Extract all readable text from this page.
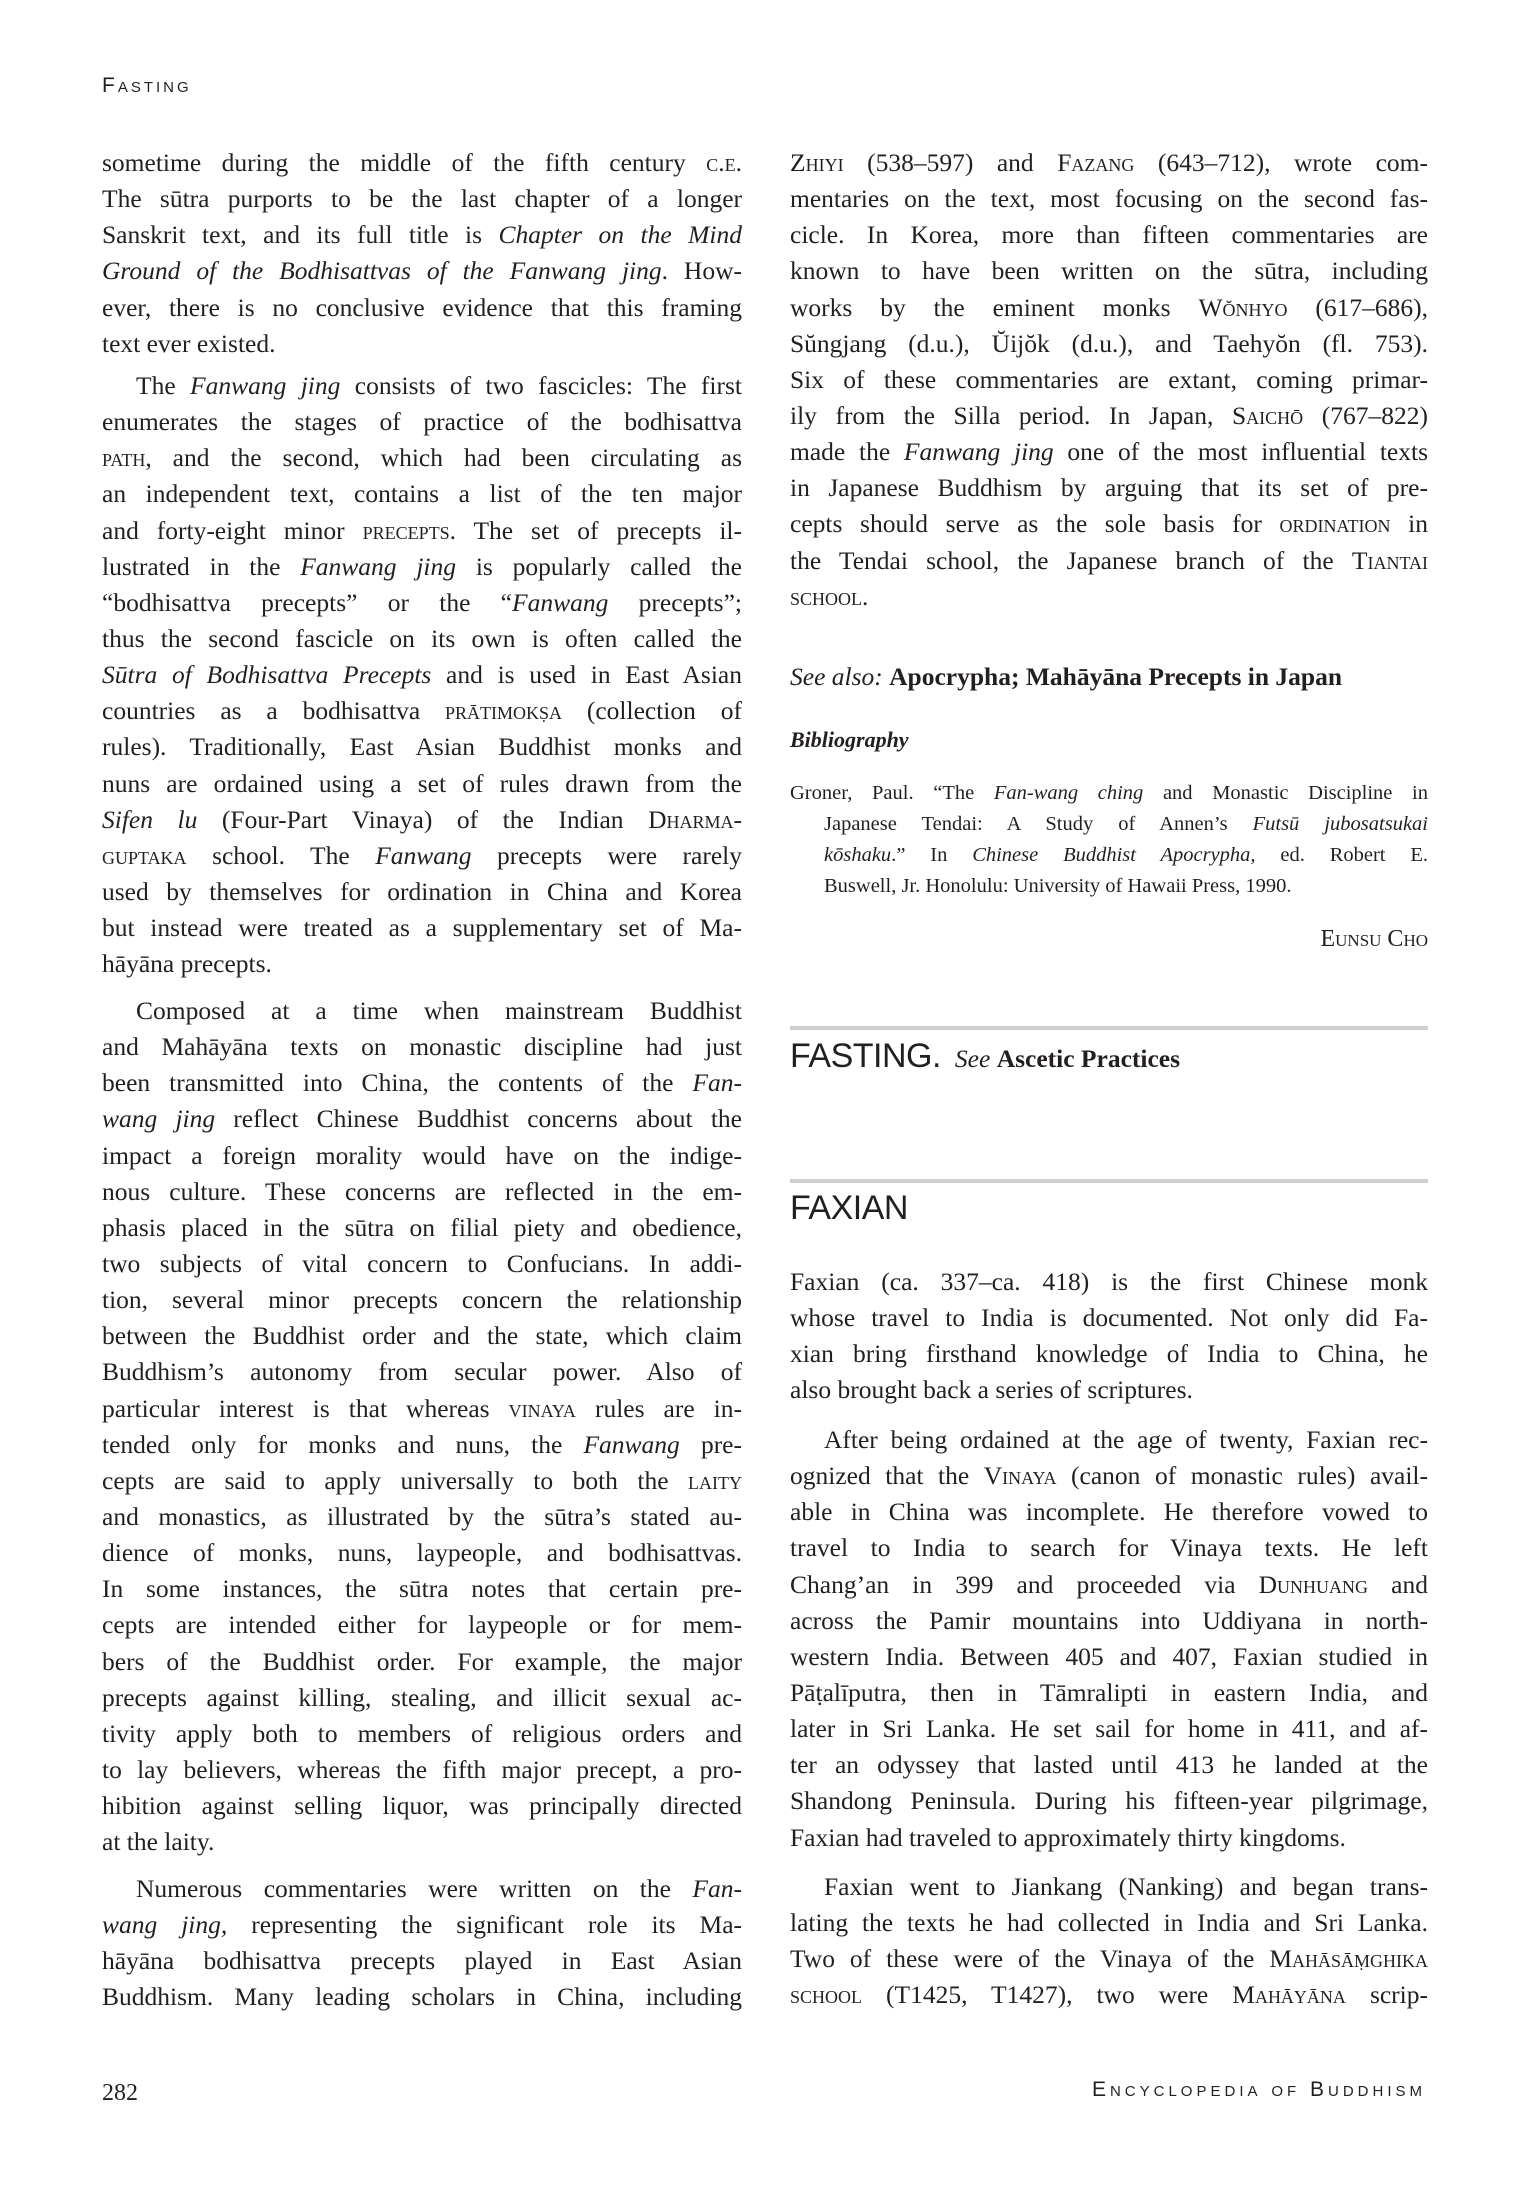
Fasting
sometime during the middle of the fifth century c.e.
The sūtra purports to be the last chapter of a longer
Sanskrit text, and its full title is Chapter on the Mind
Ground of the Bodhisattvas of the Fanwang jing. How-
ever, there is no conclusive evidence that this framing
text ever existed.
The Fanwang jing consists of two fascicles: The first
enumerates the stages of practice of the bodhisattva
path, and the second, which had been circulating as
an independent text, contains a list of the ten major
and forty-eight minor precepts. The set of precepts il-
lustrated in the Fanwang jing is popularly called the
“bodhisattva precepts” or the “Fanwang precepts”;
thus the second fascicle on its own is often called the
Sūtra of Bodhisattva Precepts and is used in East Asian
countries as a bodhisattva prātimokṣa (collection of
rules). Traditionally, East Asian Buddhist monks and
nuns are ordained using a set of rules drawn from the
Sifen lu (Four-Part Vinaya) of the Indian Dharma-
guptaka school. The Fanwang precepts were rarely
used by themselves for ordination in China and Korea
but instead were treated as a supplementary set of Ma-
hāyāna precepts.
Composed at a time when mainstream Buddhist
and Mahāyāna texts on monastic discipline had just
been transmitted into China, the contents of the Fan-
wang jing reflect Chinese Buddhist concerns about the
impact a foreign morality would have on the indige-
nous culture. These concerns are reflected in the em-
phasis placed in the sūtra on filial piety and obedience,
two subjects of vital concern to Confucians. In addi-
tion, several minor precepts concern the relationship
between the Buddhist order and the state, which claim
Buddhism’s autonomy from secular power. Also of
particular interest is that whereas vinaya rules are in-
tended only for monks and nuns, the Fanwang pre-
cepts are said to apply universally to both the laity
and monastics, as illustrated by the sūtra’s stated au-
dience of monks, nuns, laypeople, and bodhisattvas.
In some instances, the sūtra notes that certain pre-
cepts are intended either for laypeople or for mem-
bers of the Buddhist order. For example, the major
precepts against killing, stealing, and illicit sexual ac-
tivity apply both to members of religious orders and
to lay believers, whereas the fifth major precept, a pro-
hibition against selling liquor, was principally directed
at the laity.
Numerous commentaries were written on the Fan-
wang jing, representing the significant role its Ma-
hāyāna bodhisattva precepts played in East Asian
Buddhism. Many leading scholars in China, including
Zhiyi (538–597) and Fazang (643–712), wrote com-
mentaries on the text, most focusing on the second fas-
cicle. In Korea, more than fifteen commentaries are
known to have been written on the sūtra, including
works by the eminent monks Wŏnhyo (617–686),
Sŭngjang (d.u.), Ŭijŏk (d.u.), and Taehyŏn (fl. 753).
Six of these commentaries are extant, coming primar-
ily from the Silla period. In Japan, Saichō (767–822)
made the Fanwang jing one of the most influential texts
in Japanese Buddhism by arguing that its set of pre-
cepts should serve as the sole basis for ordination in
the Tendai school, the Japanese branch of the Tiantai
school.
See also: Apocrypha; Mahāyāna Precepts in Japan
Bibliography
Groner, Paul. “The Fan-wang ching and Monastic Discipline in
Japanese Tendai: A Study of Annen’s Futsū jubosatsukai
kōshaku.” In Chinese Buddhist Apocrypha, ed. Robert E.
Buswell, Jr. Honolulu: University of Hawaii Press, 1990.
Eunsu Cho
FASTING. See Ascetic Practices
FAXIAN
Faxian (ca. 337–ca. 418) is the first Chinese monk
whose travel to India is documented. Not only did Fa-
xian bring firsthand knowledge of India to China, he
also brought back a series of scriptures.
After being ordained at the age of twenty, Faxian rec-
ognized that the Vinaya (canon of monastic rules) avail-
able in China was incomplete. He therefore vowed to
travel to India to search for Vinaya texts. He left
Chang’an in 399 and proceeded via Dunhuang and
across the Pamir mountains into Uddiyana in north-
western India. Between 405 and 407, Faxian studied in
Pāṭalīputra, then in Tāmralipti in eastern India, and
later in Sri Lanka. He set sail for home in 411, and af-
ter an odyssey that lasted until 413 he landed at the
Shandong Peninsula. During his fifteen-year pilgrimage,
Faxian had traveled to approximately thirty kingdoms.
Faxian went to Jiankang (Nanking) and began trans-
lating the texts he had collected in India and Sri Lanka.
Two of these were of the Vinaya of the Mahāsāṃghika
school (T1425, T1427), two were Mahāyāna scrip-
282	Encyclopedia of Buddhism
